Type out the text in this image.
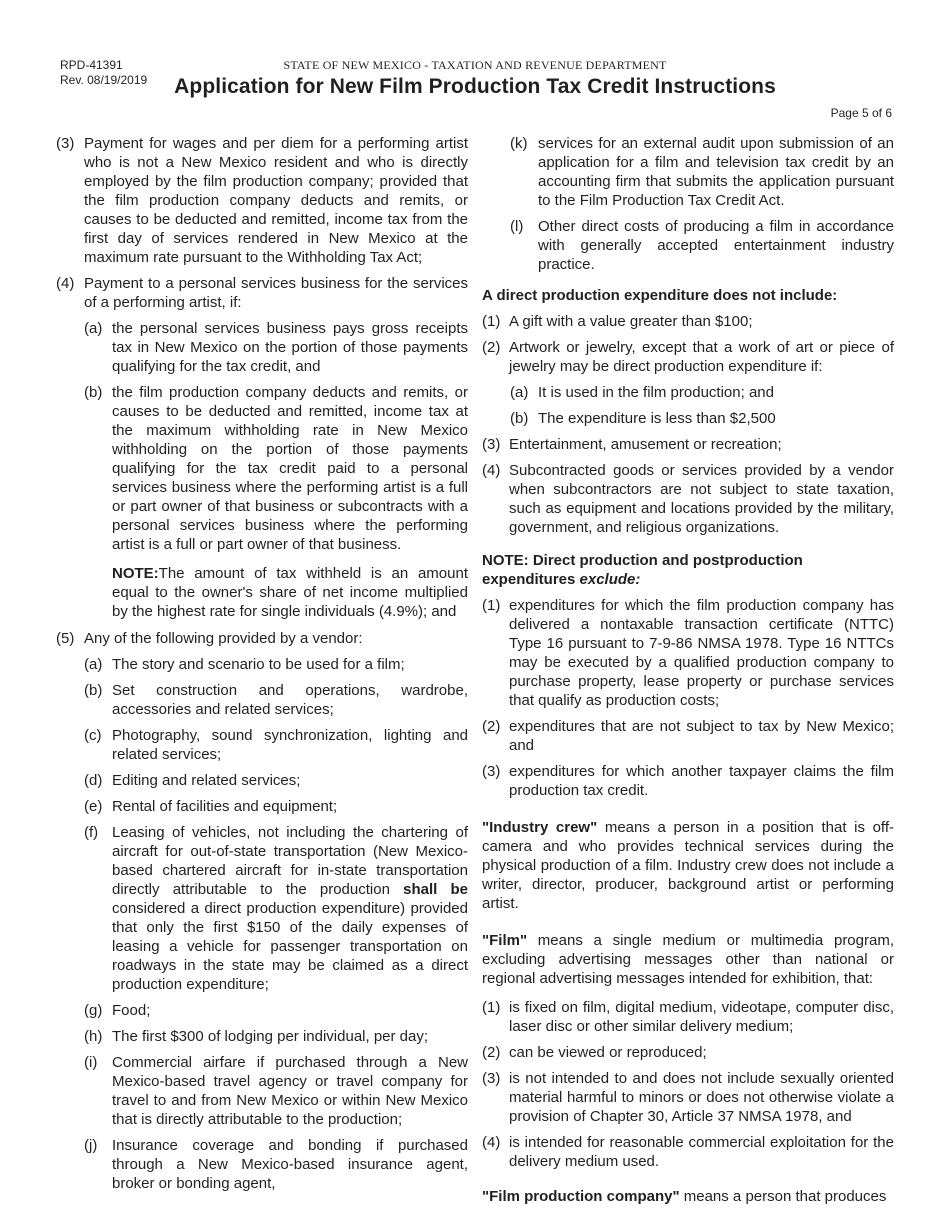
RPD-41391
Rev. 08/19/2019
STATE OF NEW MEXICO - TAXATION AND REVENUE DEPARTMENT
Application for New Film Production Tax Credit Instructions
Page 5 of 6
(3) Payment for wages and per diem for a performing artist who is not a New Mexico resident and who is directly employed by the film production company; provided that the film production company deducts and remits, or causes to be deducted and remitted, income tax from the first day of services rendered in New Mexico at the maximum rate pursuant to the Withholding Tax Act;
(4) Payment to a personal services business for the services of a performing artist, if:
(a) the personal services business pays gross receipts tax in New Mexico on the portion of those payments qualifying for the tax credit, and
(b) the film production company deducts and remits, or causes to be deducted and remitted, income tax at the maximum withholding rate in New Mexico withholding on the portion of those payments qualifying for the tax credit paid to a personal services business where the performing artist is a full or part owner of that business or subcontracts with a personal services business where the performing artist is a full or part owner of that business.
NOTE:The amount of tax withheld is an amount equal to the owner's share of net income multiplied by the highest rate for single individuals (4.9%); and
(5) Any of the following provided by a vendor:
(a) The story and scenario to be used for a film;
(b) Set construction and operations, wardrobe, accessories and related services;
(c) Photography, sound synchronization, lighting and related services;
(d) Editing and related services;
(e) Rental of facilities and equipment;
(f) Leasing of vehicles, not including the chartering of aircraft for out-of-state transportation (New Mexico-based chartered aircraft for in-state transportation directly attributable to the production shall be considered a direct production expenditure) provided that only the first $150 of the daily expenses of leasing a vehicle for passenger transportation on roadways in the state may be claimed as a direct production expenditure;
(g) Food;
(h) The first $300 of lodging per individual, per day;
(i) Commercial airfare if purchased through a New Mexico-based travel agency or travel company for travel to and from New Mexico or within New Mexico that is directly attributable to the production;
(j) Insurance coverage and bonding if purchased through a New Mexico-based insurance agent, broker or bonding agent,
(k) services for an external audit upon submission of an application for a film and television tax credit by an accounting firm that submits the application pursuant to the Film Production Tax Credit Act.
(l) Other direct costs of producing a film in accordance with generally accepted entertainment industry practice.
A direct production expenditure does not include:
(1) A gift with a value greater than $100;
(2) Artwork or jewelry, except that a work of art or piece of jewelry may be direct production expenditure if:
(a) It is used in the film production; and
(b) The expenditure is less than $2,500
(3) Entertainment, amusement or recreation;
(4) Subcontracted goods or services provided by a vendor when subcontractors are not subject to state taxation, such as equipment and locations provided by the military, government, and religious organizations.
NOTE: Direct production and postproduction expenditures exclude:
(1) expenditures for which the film production company has delivered a nontaxable transaction certificate (NTTC) Type 16 pursuant to 7-9-86 NMSA 1978. Type 16 NTTCs may be executed by a qualified production company to purchase property, lease property or purchase services that qualify as production costs;
(2) expenditures that are not subject to tax by New Mexico; and
(3) expenditures for which another taxpayer claims the film production tax credit.
"Industry crew" means a person in a position that is off-camera and who provides technical services during the physical production of a film. Industry crew does not include a writer, director, producer, background artist or performing artist.
"Film" means a single medium or multimedia program, excluding advertising messages other than national or regional advertising messages intended for exhibition, that:
(1) is fixed on film, digital medium, videotape, computer disc, laser disc or other similar delivery medium;
(2) can be viewed or reproduced;
(3) is not intended to and does not include sexually oriented material harmful to minors or does not otherwise violate a provision of Chapter 30, Article 37 NMSA 1978, and
(4) is intended for reasonable commercial exploitation for the delivery medium used.
"Film production company" means a person that produces
